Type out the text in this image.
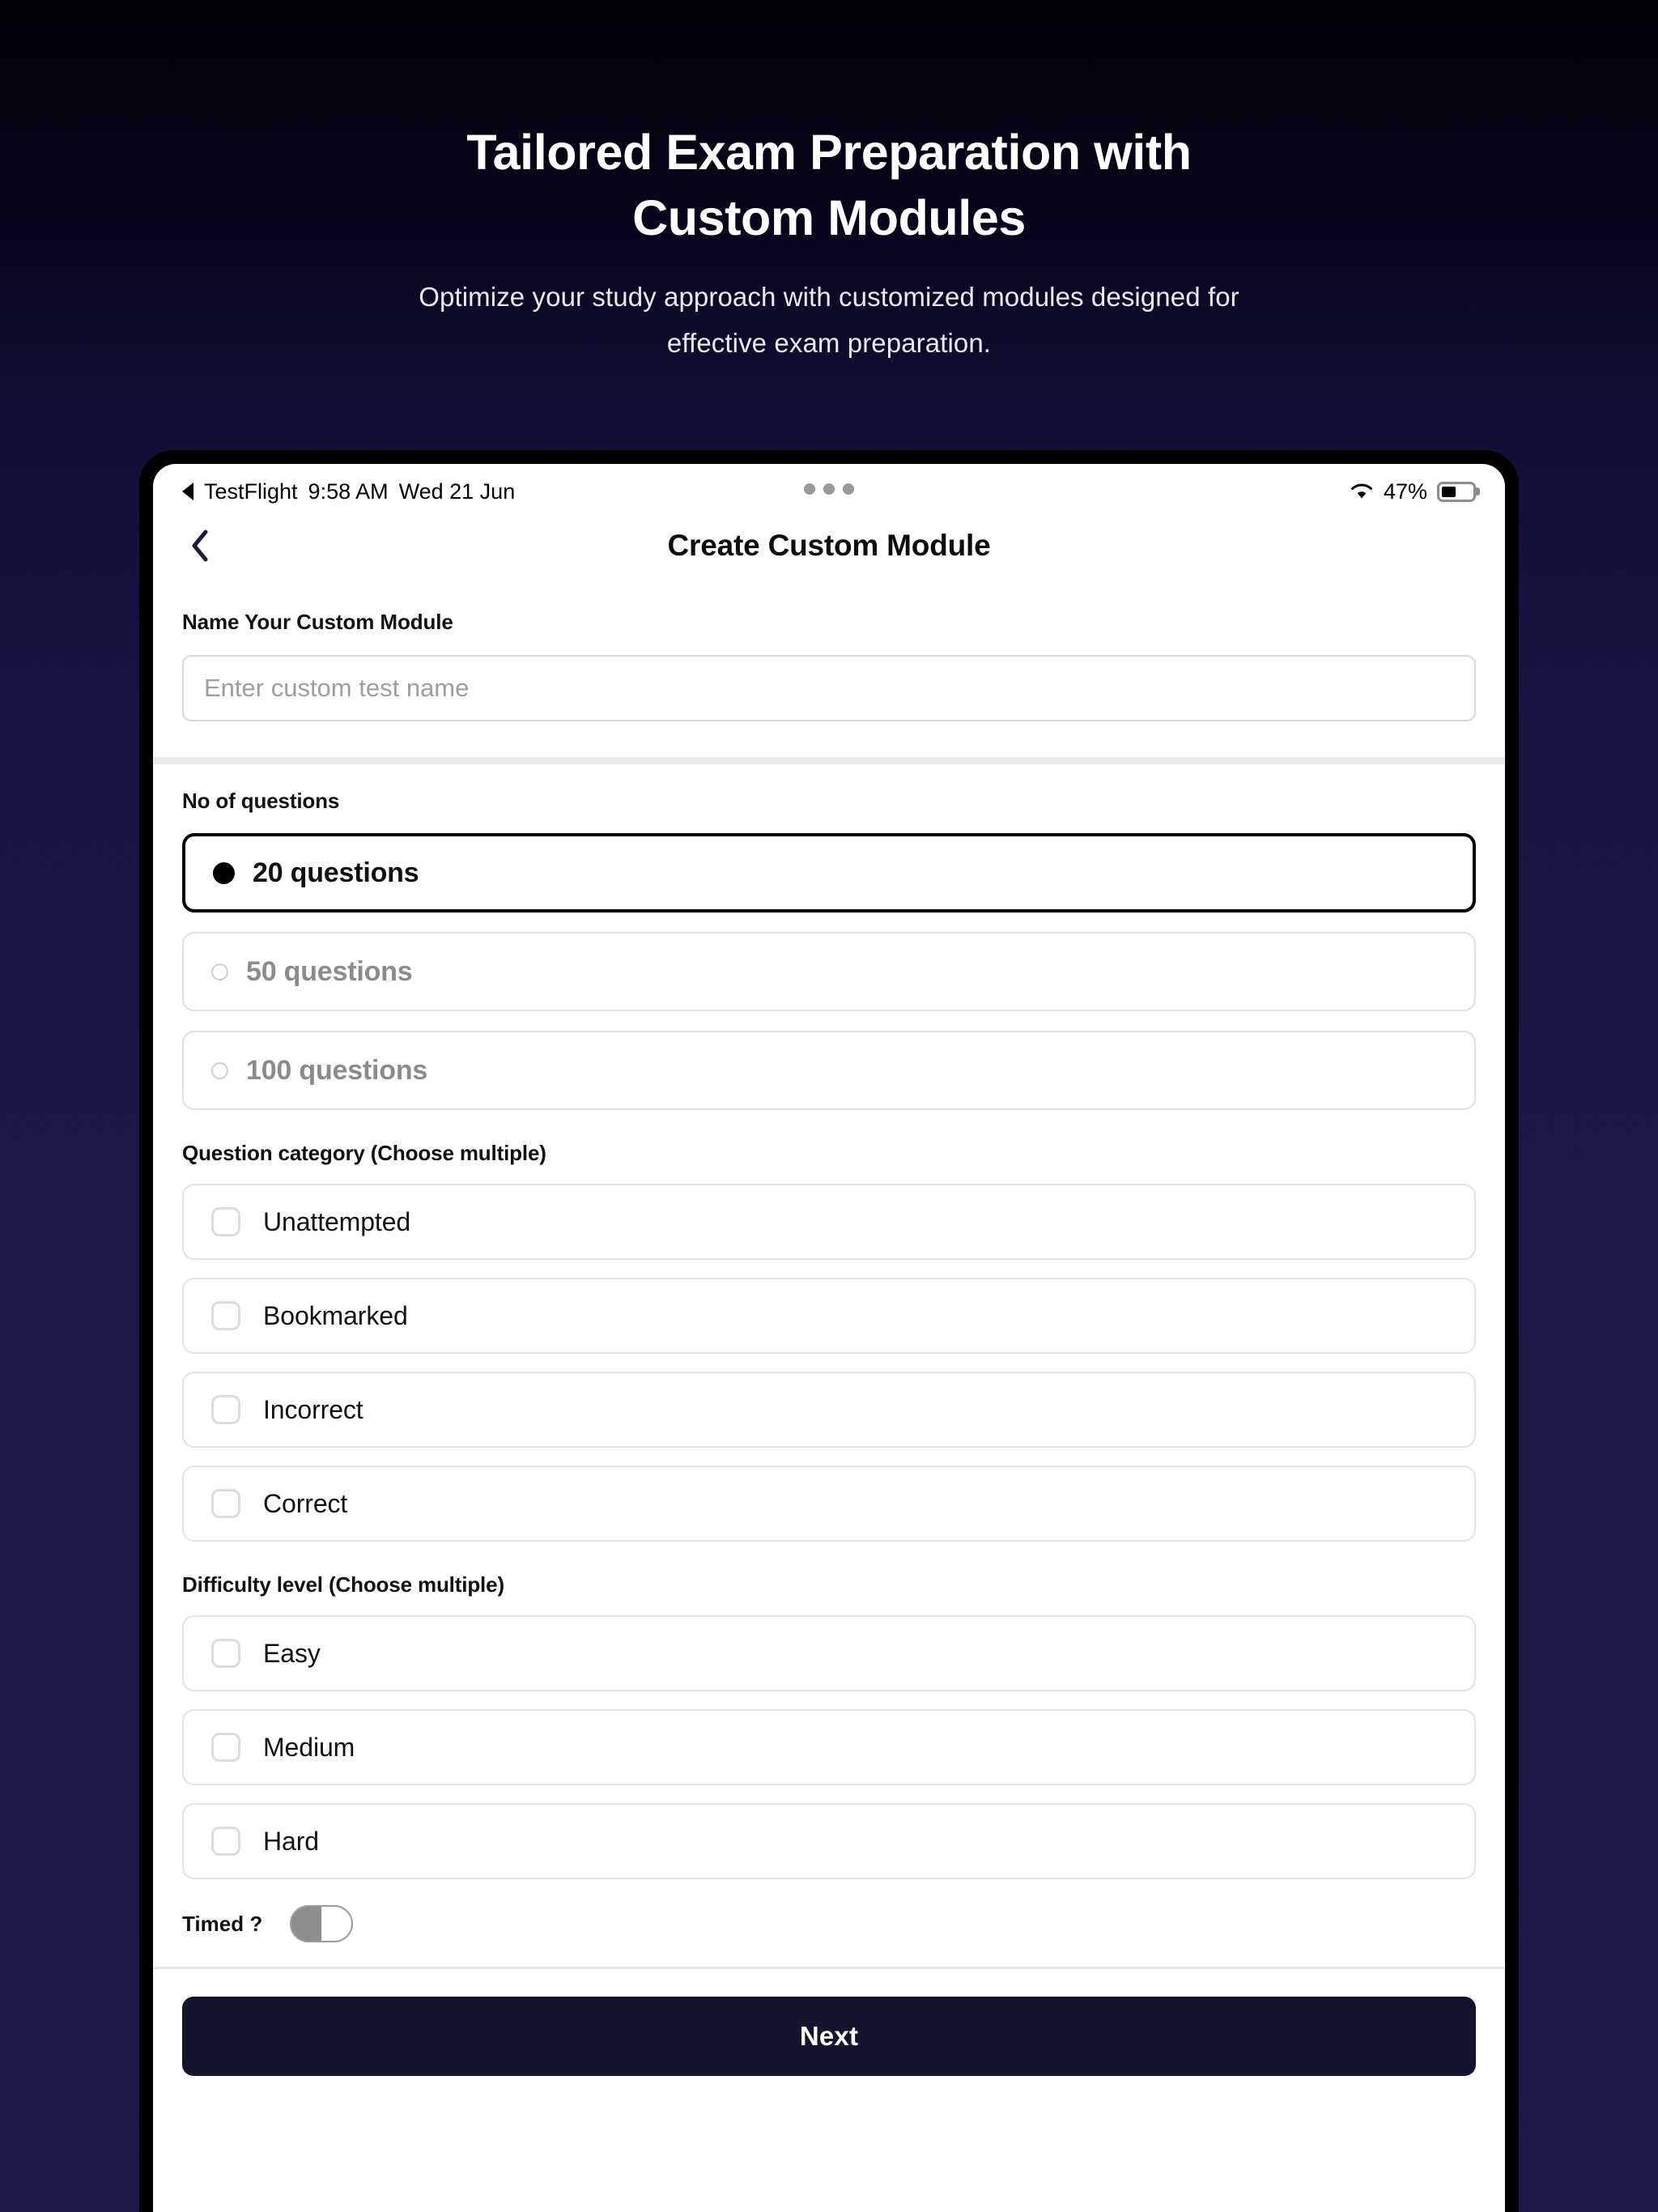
Tailored Exam Preparation with
Custom Modules
Optimize your study approach with customized modules designed for
effective exam preparation.
TestFlight 9:58 AM Wed 21 Jun	47%
Create Custom Module
Name Your Custom Module
Enter custom test name
No of questions
20 questions
50 questions
100 questions
Question category (Choose multiple)
Unattempted
Bookmarked
Incorrect
Correct
Difficulty level (Choose multiple)
Easy
Medium
Hard
Timed ?
Next
